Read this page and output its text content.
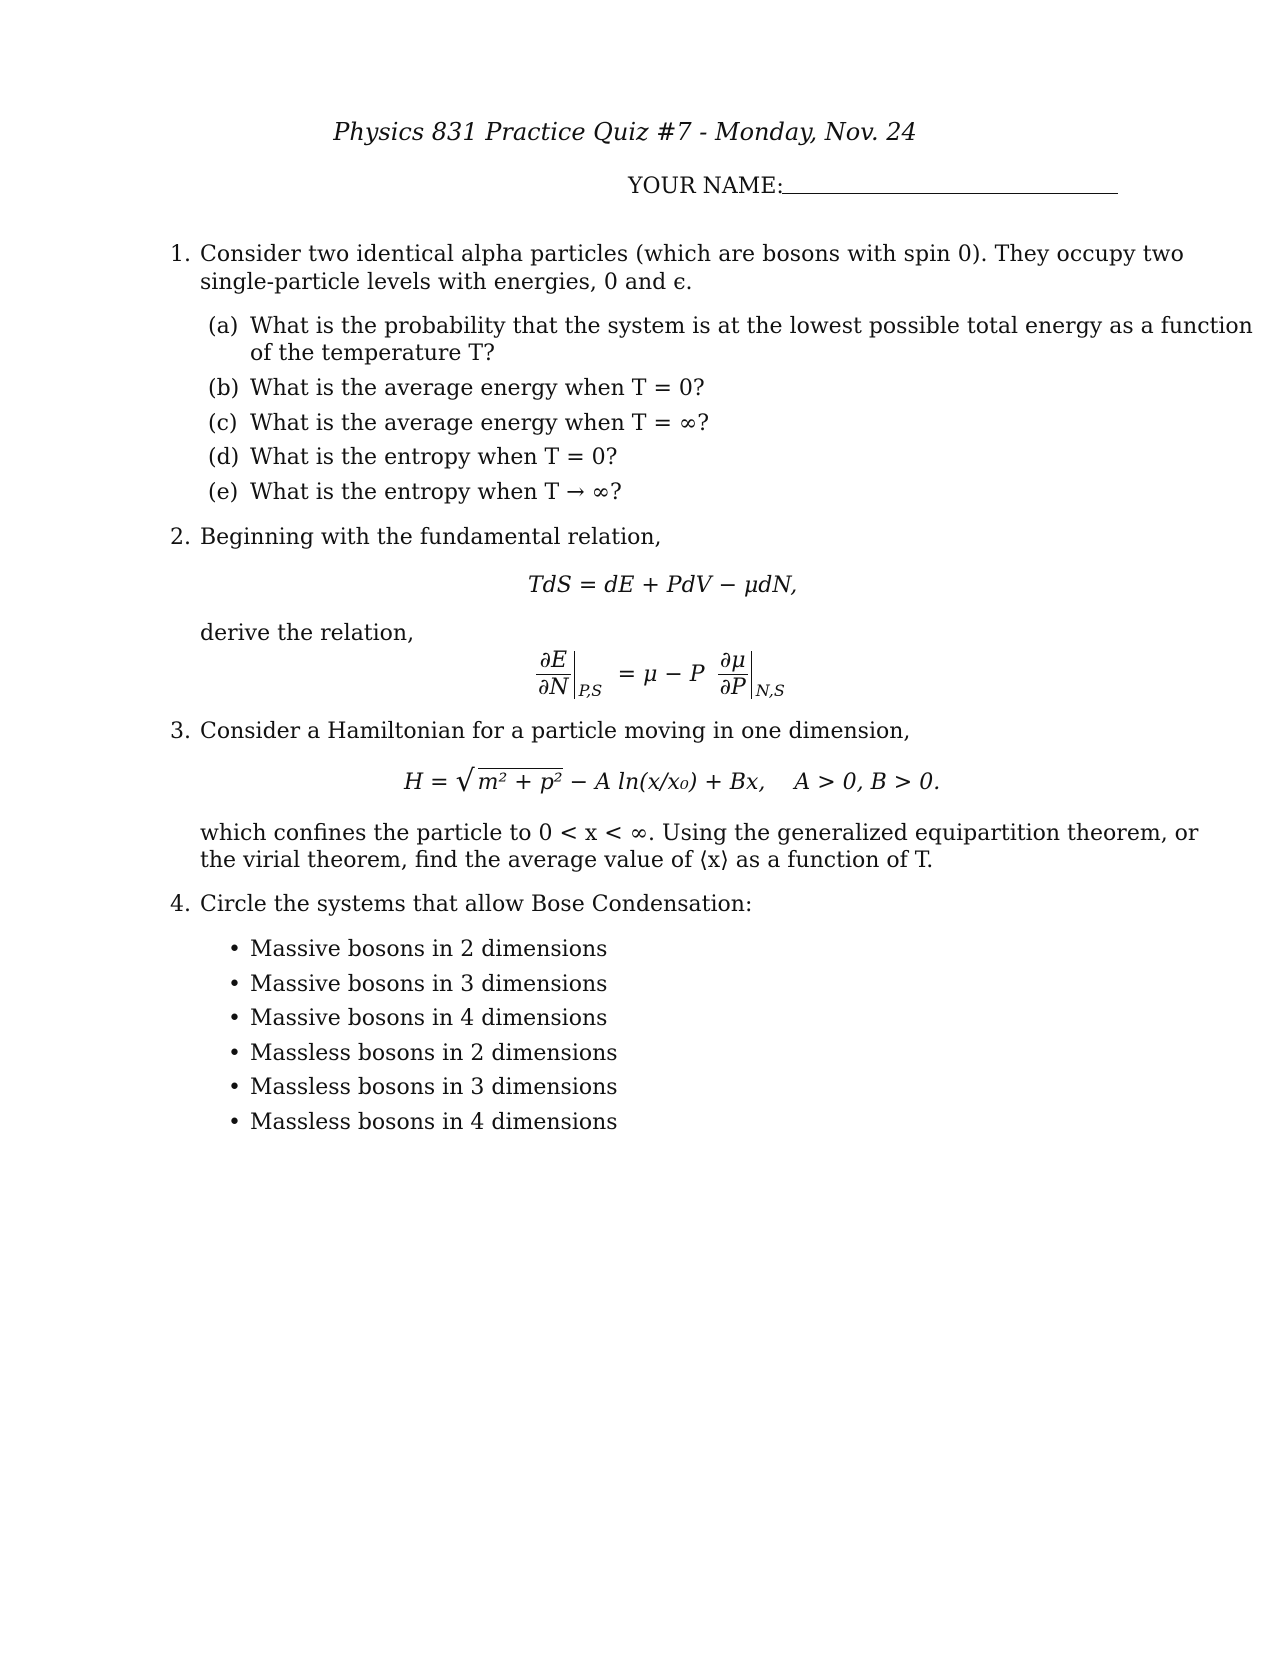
Physics 831 Practice Quiz #7 - Monday, Nov. 24
YOUR NAME:
1. Consider two identical alpha particles (which are bosons with spin 0). They occupy two
single-particle levels with energies, 0 and ϵ.
(a) What is the probability that the system is at the lowest possible total energy as a function
of the temperature T?
(b) What is the average energy when T = 0?
(c) What is the average energy when T = ∞?
(d) What is the entropy when T = 0?
(e) What is the entropy when T → ∞?
2. Beginning with the fundamental relation,
TdS = dE + PdV − μdN,
derive the relation,
$\frac{\partial E}{\partial N} P,S$
= μ − P $\frac{\partial\mu}{\partial P} N,S$
3. Consider a Hamiltonian for a particle moving in one dimension,
H = √ m² + p² − A ln(x/x₀) + Bx, A > 0, B > 0.
which confines the particle to 0 < x < ∞. Using the generalized equipartition theorem, or
the virial theorem, find the average value of ⟨x⟩ as a function of T.
4. Circle the systems that allow Bose Condensation:
• Massive bosons in 2 dimensions
• Massive bosons in 3 dimensions
• Massive bosons in 4 dimensions
• Massless bosons in 2 dimensions
• Massless bosons in 3 dimensions
• Massless bosons in 4 dimensions
